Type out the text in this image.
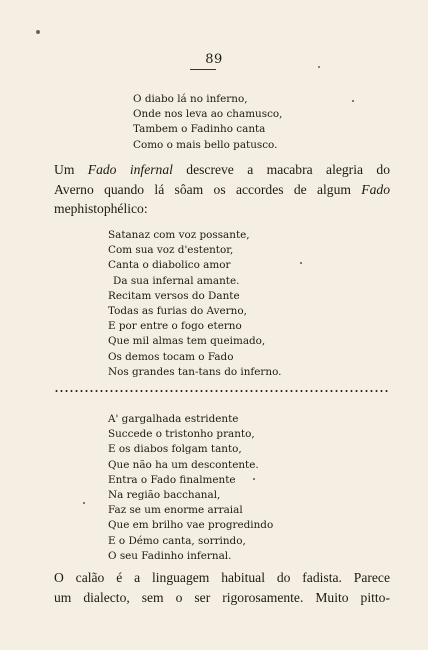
89
O diabo lá no inferno,
Onde nos leva ao chamusco,
Tambem o Fadinho canta
Como o mais bello patusco.
Um Fado infernal descreve a macabra alegria do
Averno quando lá sôam os accordes de algum Fado
mephistophélico:
Satanaz com voz possante,
Com sua voz d'estentor,
Canta o diabolico amor
Da sua infernal amante.
Recitam versos do Dante
Todas as furias do Averno,
E por entre o fogo eterno
Que mil almas tem queimado,
Os demos tocam o Fado
Nos grandes tan-tans do inferno.
A' gargalhada estridente
Succede o tristonho pranto,
E os diabos folgam tanto,
Que não ha um descontente.
Entra o Fado finalmente
Na região bacchanal,
Faz se um enorme arraial
Que em brilho vae progredindo
E o Démo canta, sorrindo,
O seu Fadinho infernal.
O calão é a linguagem habitual do fadista. Parece
um dialecto, sem o ser rigorosamente. Muito pitto-
